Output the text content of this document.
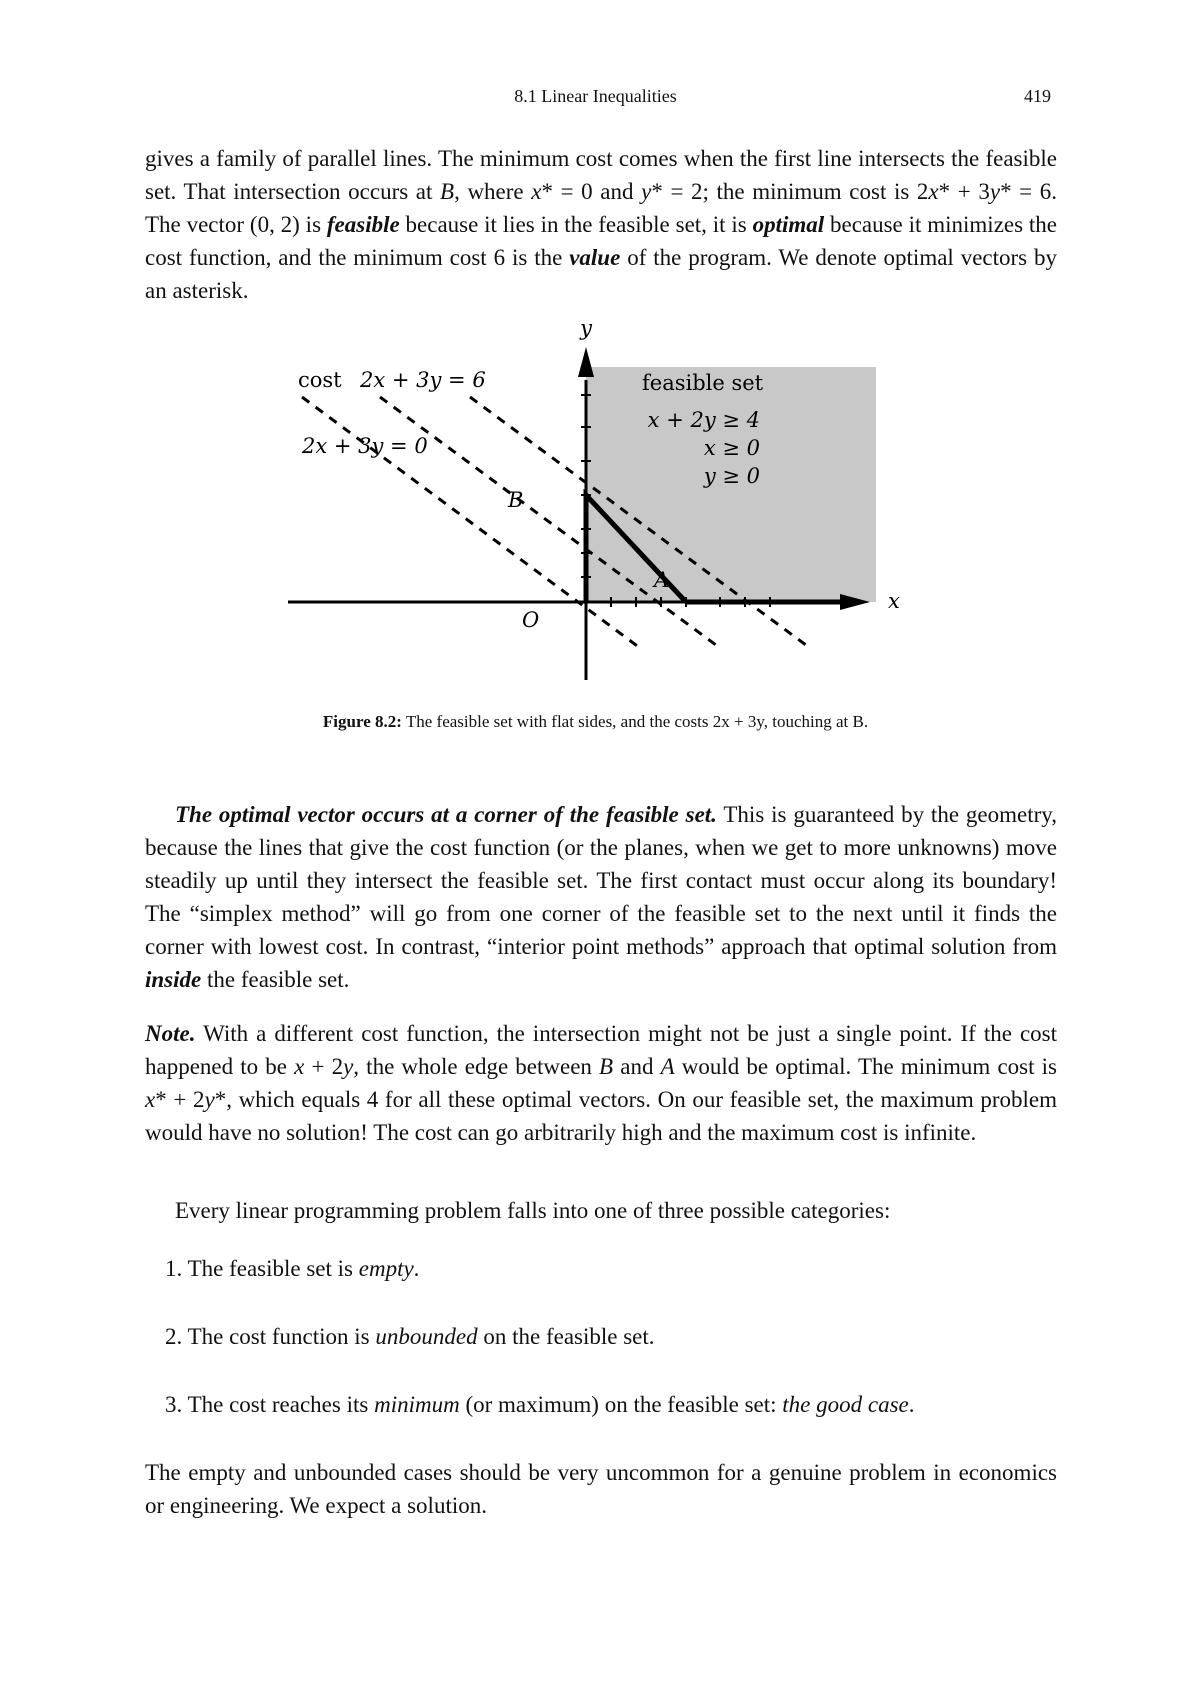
8.1 Linear Inequalities	419
gives a family of parallel lines. The minimum cost comes when the first line intersects the feasible set. That intersection occurs at B, where x* = 0 and y* = 2; the minimum cost is 2x* + 3y* = 6. The vector (0, 2) is feasible because it lies in the feasible set, it is optimal because it minimizes the cost function, and the minimum cost 6 is the value of the program. We denote optimal vectors by an asterisk.
y
x
cost 2x + 3y = 6
2x + 3y = 0
feasible set
x + 2y ≥ 4
x ≥ 0
y ≥ 0
B
A
O
Figure 8.2: The feasible set with flat sides, and the costs 2x + 3y, touching at B.
The optimal vector occurs at a corner of the feasible set. This is guaranteed by the geometry, because the lines that give the cost function (or the planes, when we get to more unknowns) move steadily up until they intersect the feasible set. The first contact must occur along its boundary! The “simplex method” will go from one corner of the feasible set to the next until it finds the corner with lowest cost. In contrast, “interior point methods” approach that optimal solution from inside the feasible set.
Note. With a different cost function, the intersection might not be just a single point. If the cost happened to be x + 2y, the whole edge between B and A would be optimal. The minimum cost is x* + 2y*, which equals 4 for all these optimal vectors. On our feasible set, the maximum problem would have no solution! The cost can go arbitrarily high and the maximum cost is infinite.
Every linear programming problem falls into one of three possible categories:
1. The feasible set is empty.
2. The cost function is unbounded on the feasible set.
3. The cost reaches its minimum (or maximum) on the feasible set: the good case.
The empty and unbounded cases should be very uncommon for a genuine problem in economics or engineering. We expect a solution.
